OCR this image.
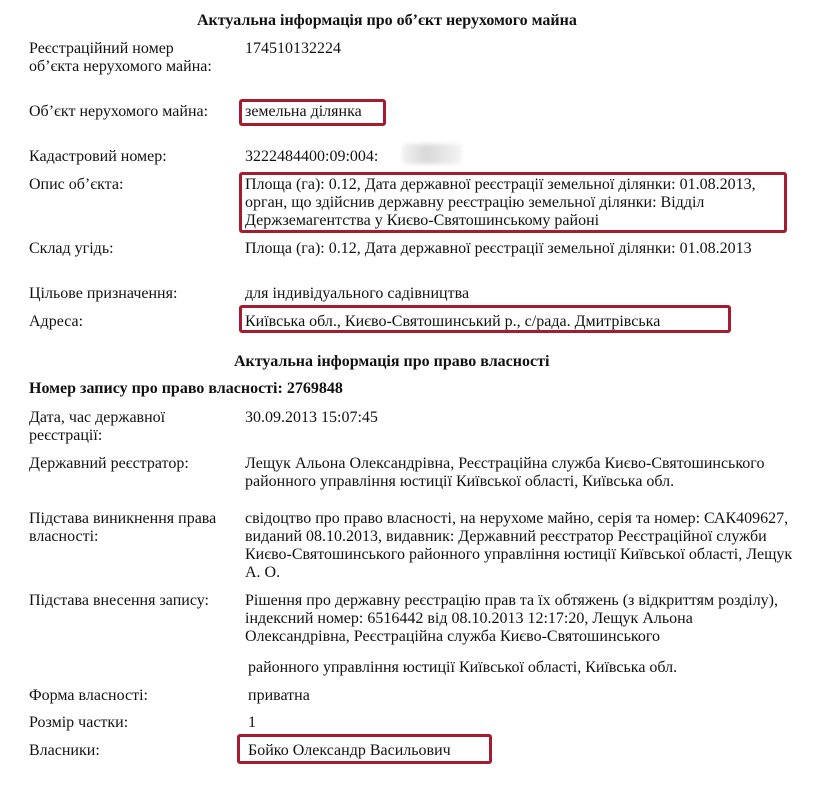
Актуальна інформація про об’єкт нерухомого майна
Реєстраційний номер об’єкта нерухомого майна:
174510132224
Об’єкт нерухомого майна:	земельна ділянка
Кадастровий номер:	3222484400:09:004:
Опис об’єкта:	Площа (га): 0.12, Дата державної реєстрації земельної ділянки: 01.08.2013, орган, що здійснив державну реєстрацію земельної ділянки: Відділ Держземагентства у Києво-Святошинському районі
Склад угідь:	Площа (га): 0.12, Дата державної реєстрації земельної ділянки: 01.08.2013
Цільове призначення:	для індивідуального садівництва
Адреса:	Київська обл., Києво-Святошинський р., с/рада. Дмитрівська
Актуальна інформація про право власності
Номер запису про право власності: 2769848
Дата, час державної реєстрації:
30.09.2013 15:07:45
Державний реєстратор:	Лещук Альона Олександрівна, Реєстраційна служба Києво-Святошинського районного управління юстиції Київської області, Київська обл.
Підстава виникнення права власності:
свідоцтво про право власності, на нерухоме майно, серія та номер: САК409627, виданий 08.10.2013, видавник: Державний реєстратор Реєстраційної служби Києво-Святошинського районного управління юстиції Київської області, Лещук А. О.
Підстава внесення запису:	Рішення про державну реєстрацію прав та їх обтяжень (з відкриттям розділу), індексний номер: 6516442 від 08.10.2013 12:17:20, Лещук Альона Олександрівна, Реєстраційна служба Києво-Святошинського
районного управління юстиції Київської області, Київська обл.
Форма власності:	приватна
Розмір частки:	1
Власники:	Бойко Олександр Васильович
